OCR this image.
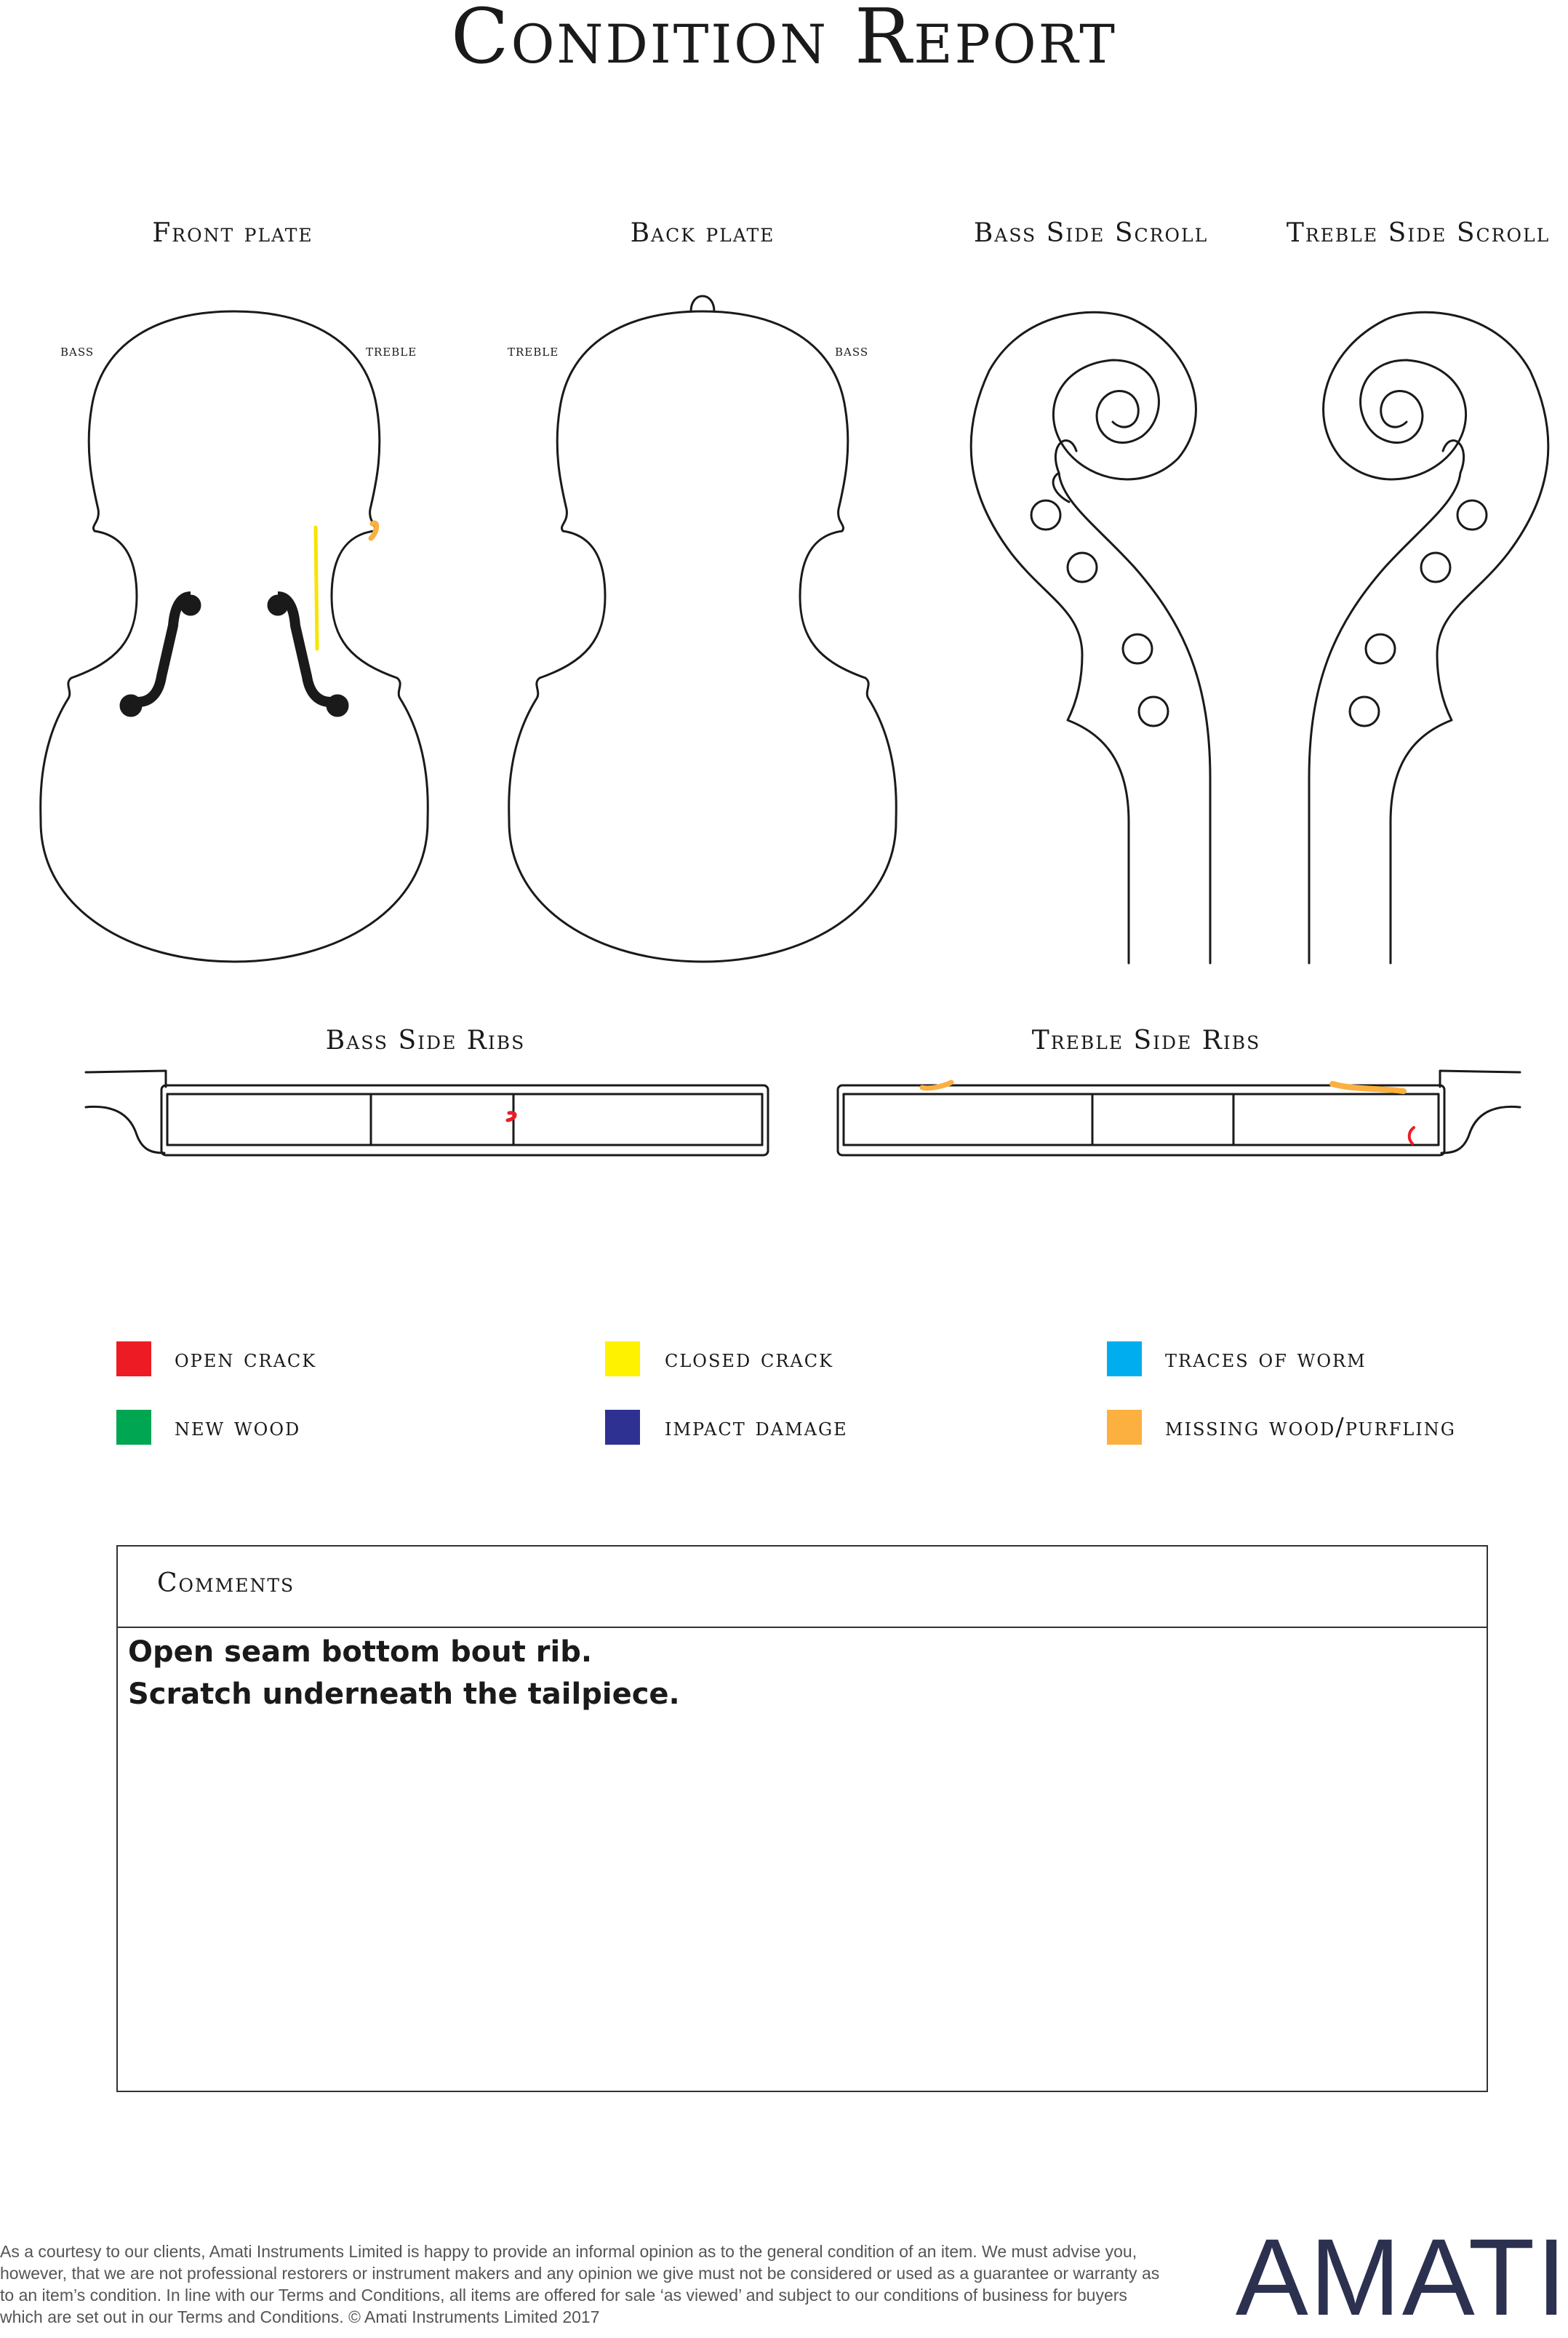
Condition Report
Front plate	Back plate	Bass Side Scroll	Treble Side Scroll
Bass Side Ribs	Treble Side Ribs
bass	treble	treble	bass
open crack	closed crack	traces of worm
new wood	impact damage	missing wood/purfling
Comments
Open seam bottom bout rib.
Scratch underneath the tailpiece.
As a courtesy to our clients, Amati Instruments Limited is happy to provide an informal opinion as to the general condition of an item. We must advise you, however, that we are not professional restorers or instrument makers and any opinion we give must not be considered or used as a guarantee or warranty as to an item’s condition. In line with our Terms and Conditions, all items are offered for sale ‘as viewed’ and subject to our conditions of business for buyers which are set out in our Terms and Conditions. © Amati Instruments Limited 2017	AMATI
